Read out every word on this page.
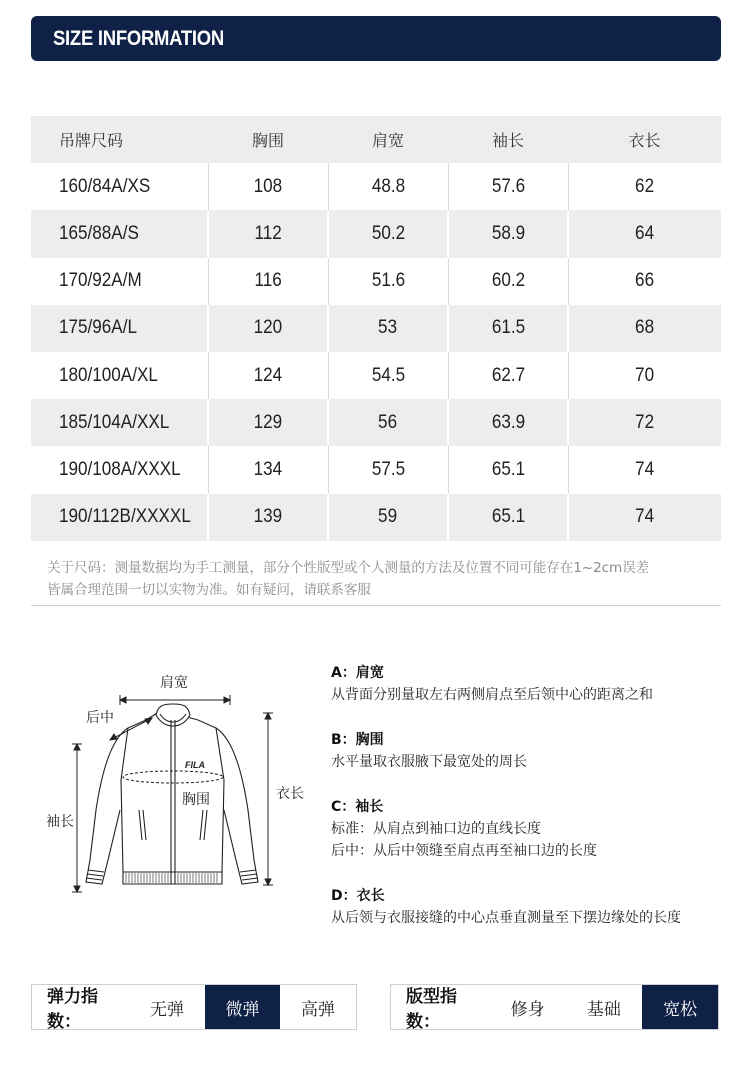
SIZE INFORMATION
吊牌尺码	胸围	肩宽	袖长	衣长
160/84A/XS	108	48.8	57.6	62
165/88A/S	112	50.2	58.9	64
170/92A/M	116	51.6	60.2	66
175/96A/L	120	53	61.5	68
180/100A/XL	124	54.5	62.7	70
185/104A/XXL	129	56	63.9	72
190/108A/XXXL	134	57.5	65.1	74
190/112B/XXXXL	139	59	65.1	74
关于尺码：测量数据均为手工测量，部分个性版型或个人测量的方法及位置不同可能存在1~2cm误差
皆属合理范围一切以实物为准。如有疑问，请联系客服
FILA
肩宽
后中
胸围
袖长
衣长
A：肩宽
从背面分别量取左右两侧肩点至后领中心的距离之和
B：胸围
水平量取衣服腋下最宽处的周长
C：袖长
标准：从肩点到袖口边的直线长度
后中：从后中领缝至肩点再至袖口边的长度
D：衣长
从后领与衣服接缝的中心点垂直测量至下摆边缘处的长度
弹力指数：
无弹	微弹	高弹
版型指数：
修身	基础	宽松
